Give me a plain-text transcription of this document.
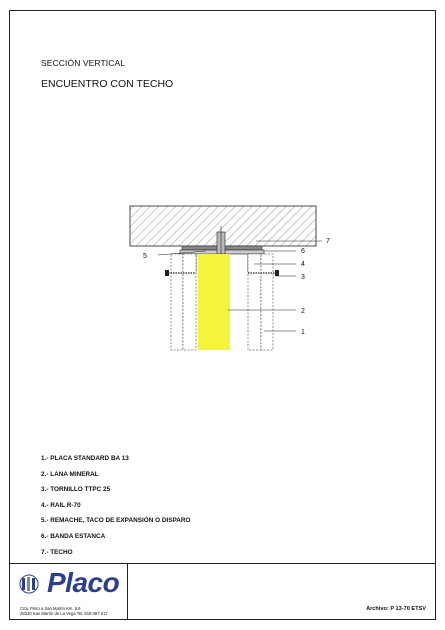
SECCIÓN VERTICAL
ENCUENTRO CON TECHO
7
6
5
4
3
2
1
1.- PLACA STANDARD BA 13
2.- LANA MINERAL
3.- TORNILLO TTPC 25
4.- RAIL R-70
5.- REMACHE, TACO DE EXPANSIÓN O DISPARO
6.- BANDA ESTANCA
7.- TECHO
Placo
Crta. Pinto a San Martín Km. 8,9
28330 San Martín de La Vega Tel. 918 087 217
Archivo: P 13-70 ETSV
